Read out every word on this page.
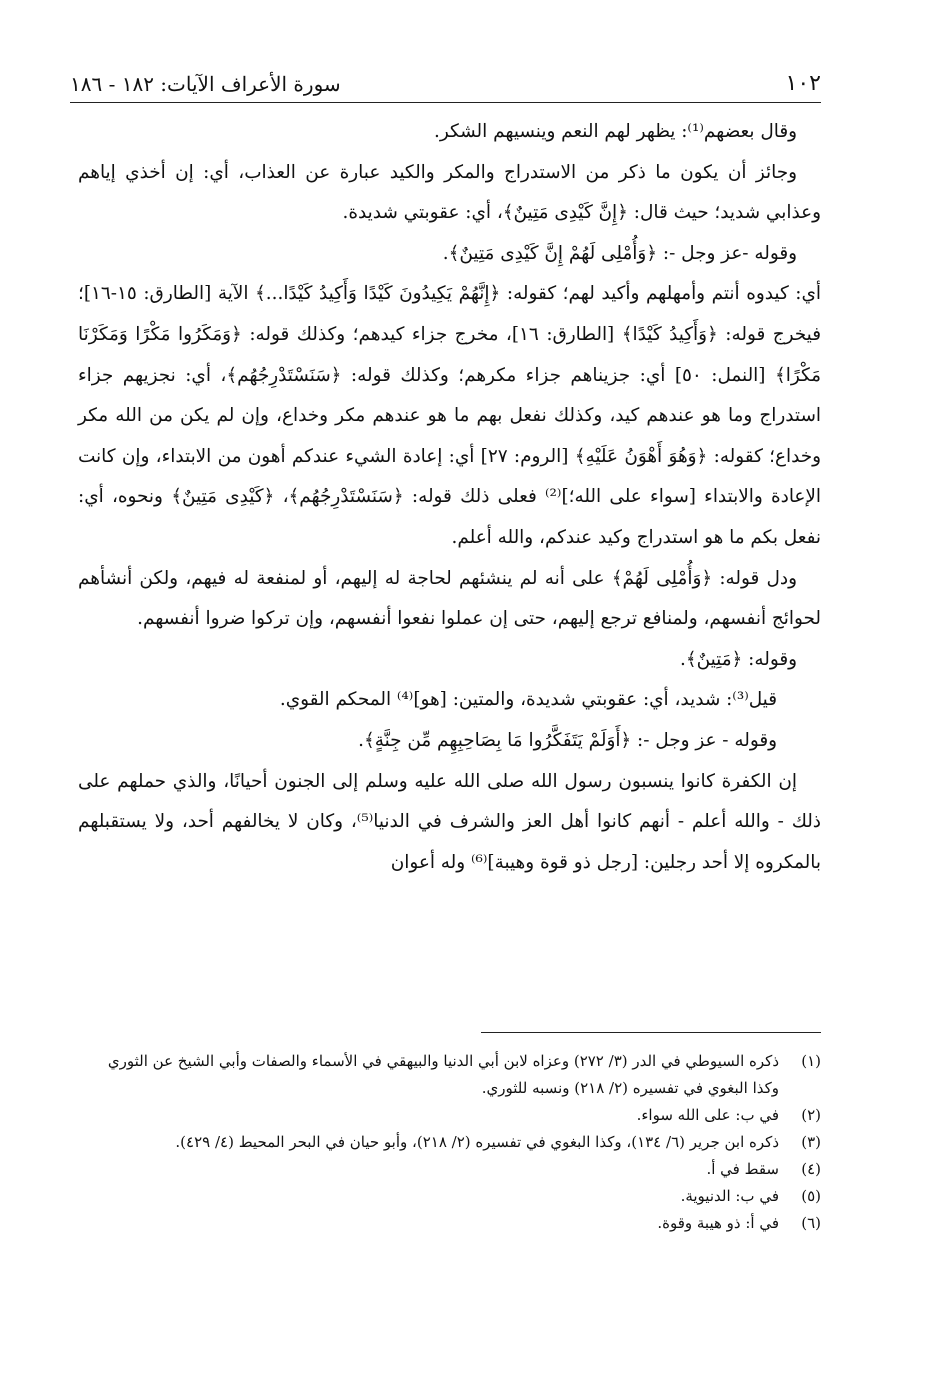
١٠٢
سورة الأعراف الآيات: ١٨٢ - ١٨٦

وقال بعضهم⁽¹⁾: يظهر لهم النعم وينسيهم الشكر.

وجائز أن يكون ما ذكر من الاستدراج والمكر والكيد عبارة عن العذاب، أي: إن أخذي إياهم وعذابي شديد؛ حيث قال: ﴿إِنَّ كَيْدِى مَتِينٌ﴾، أي: عقوبتي شديدة.

وقوله -عز وجل -: ﴿وَأُمْلِى لَهُمْ إِنَّ كَيْدِى مَتِينٌ﴾.

أي: كيدوه أنتم وأمهلهم وأكيد لهم؛ كقوله: ﴿إِنَّهُمْ يَكِيدُونَ كَيْدًا وَأَكِيدُ كَيْدًا...﴾ الآية [الطارق: ١٥-١٦]؛ فيخرج قوله: ﴿وَأَكِيدُ كَيْدًا﴾ [الطارق: ١٦]، مخرج جزاء كيدهم؛ وكذلك قوله: ﴿وَمَكَرُوا مَكْرًا وَمَكَرْنَا مَكْرًا﴾ [النمل: ٥٠] أي: جزيناهم جزاء مكرهم؛ وكذلك قوله: ﴿سَنَسْتَدْرِجُهُم﴾، أي: نجزيهم جزاء استدراج وما هو عندهم كيد، وكذلك نفعل بهم ما هو عندهم مكر وخداع، وإن لم يكن من الله مكر وخداع؛ كقوله: ﴿وَهُوَ أَهْوَنُ عَلَيْهِ﴾ [الروم: ٢٧] أي: إعادة الشيء عندكم أهون من الابتداء، وإن كانت الإعادة والابتداء [سواء على الله؛]⁽²⁾ فعلى ذلك قوله: ﴿سَنَسْتَدْرِجُهُم﴾، ﴿كَيْدِى مَتِينٌ﴾ ونحوه، أي: نفعل بكم ما هو استدراج وكيد عندكم، والله أعلم.

ودل قوله: ﴿وَأُمْلِى لَهُمْ﴾ على أنه لم ينشئهم لحاجة له إليهم، أو لمنفعة له فيهم، ولكن أنشأهم لحوائج أنفسهم، ولمنافع ترجع إليهم، حتى إن عملوا نفعوا أنفسهم، وإن تركوا ضروا أنفسهم.

وقوله: ﴿مَتِينٌ﴾.

قيل⁽³⁾: شديد، أي: عقوبتي شديدة، والمتين: [هو]⁽⁴⁾ المحكم القوي.

وقوله - عز وجل -: ﴿أَوَلَمْ يَتَفَكَّرُوا مَا بِصَاحِبِهِم مِّن جِنَّةٍ﴾.

إن الكفرة كانوا ينسبون رسول الله صلى الله عليه وسلم إلى الجنون أحيانًا، والذي حملهم على ذلك - والله أعلم - أنهم كانوا أهل العز والشرف في الدنيا⁽⁵⁾، وكان لا يخالفهم أحد، ولا يستقبلهم بالمكروه إلا أحد رجلين: [رجل ذو قوة وهيبة]⁽⁶⁾ وله أعوان

(١)
ذكره السيوطي في الدر (٣/ ٢٧٢) وعزاه لابن أبي الدنيا والبيهقي في الأسماء والصفات وأبي الشيخ عن الثوري وكذا البغوي في تفسيره (٢/ ٢١٨) ونسبه للثوري.
(٢)
في ب: على الله سواء.
(٣)
ذكره ابن جرير (٦/ ١٣٤)، وكذا البغوي في تفسيره (٢/ ٢١٨)، وأبو حيان في البحر المحيط (٤/ ٤٢٩).
(٤)
سقط في أ.
(٥)
في ب: الدنيوية.
(٦)
في أ: ذو هيبة وقوة.
